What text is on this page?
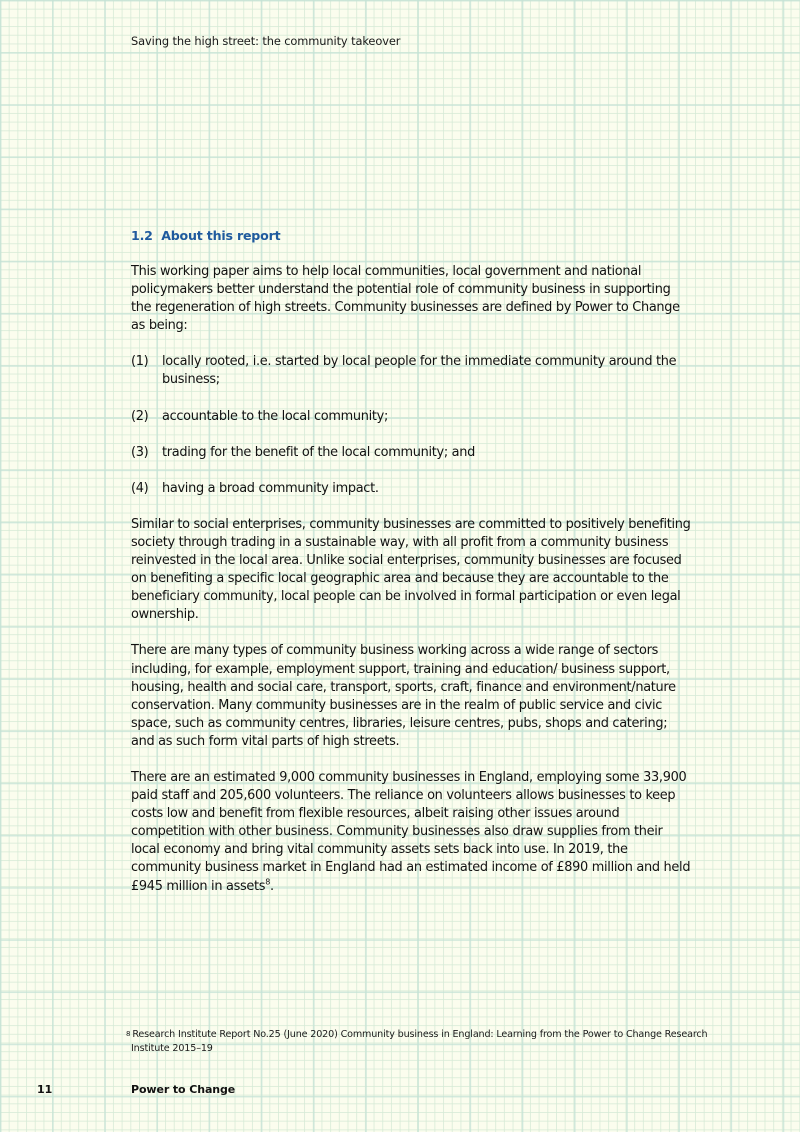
Saving the high street: the community takeover
1.2 About this report

This working paper aims to help local communities, local government and national policymakers better understand the potential role of community business in supporting the regeneration of high streets. Community businesses are defined by Power to Change as being:

(1)	locally rooted, i.e. started by local people for the immediate community around the business;
(2)	accountable to the local community;
(3)	trading for the benefit of the local community; and
(4)	having a broad community impact.

Similar to social enterprises, community businesses are committed to positively benefiting society through trading in a sustainable way, with all profit from a community business reinvested in the local area. Unlike social enterprises, community businesses are focused on benefiting a specific local geographic area and because they are accountable to the beneficiary community, local people can be involved in formal participation or even legal ownership.

There are many types of community business working across a wide range of sectors including, for example, employment support, training and education/ business support, housing, health and social care, transport, sports, craft, finance and environment/nature conservation. Many community businesses are in the realm of public service and civic space, such as community centres, libraries, leisure centres, pubs, shops and catering; and as such form vital parts of high streets.

There are an estimated 9,000 community businesses in England, employing some 33,900 paid staff and 205,600 volunteers. The reliance on volunteers allows businesses to keep costs low and benefit from flexible resources, albeit raising other issues around competition with other business. Community businesses also draw supplies from their local economy and bring vital community assets sets back into use. In 2019, the community business market in England had an estimated income of £890 million and held £945 million in assets$^8$.

$^8$ Research Institute Report No.25 (June 2020) Community business in England: Learning from the Power to Change Research Institute 2015–19
11	Power to Change
